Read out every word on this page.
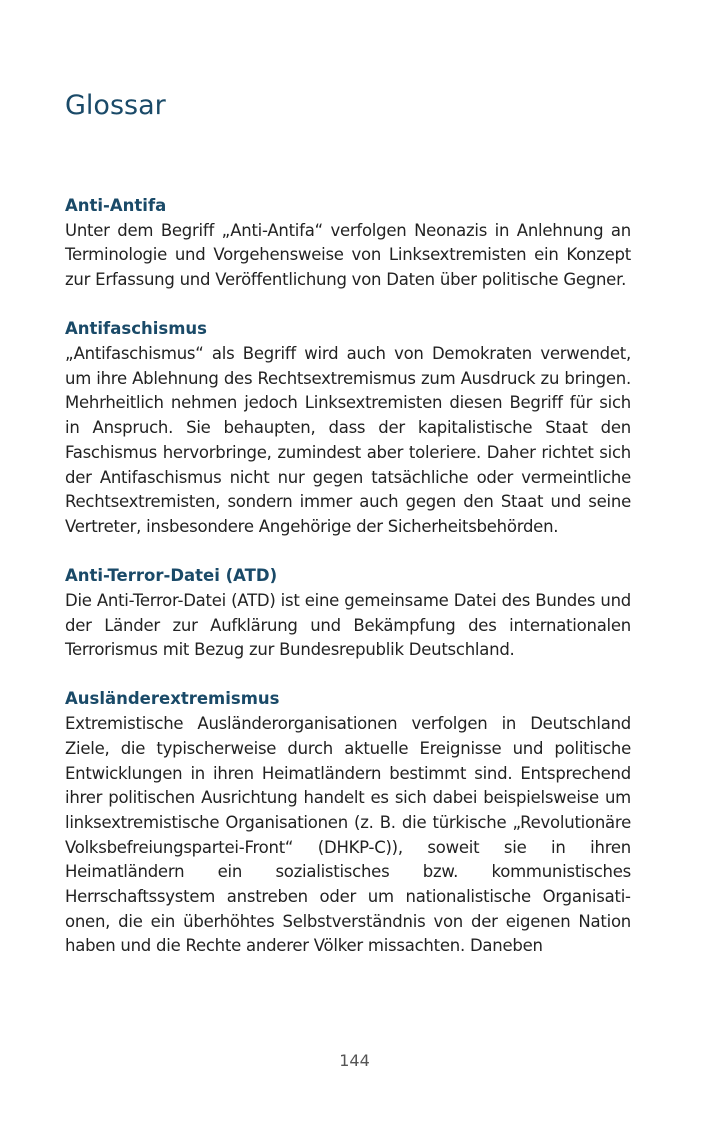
Glossar
Anti-Antifa

Unter dem Begriff „Anti-Antifa“ verfolgen Neonazis in Anlehnung an Terminologie und Vorgehensweise von Linksextremisten ein Konzept zur Erfassung und Veröffentlichung von Daten über politische Gegner.

Antifaschismus

„Antifaschismus“ als Begriff wird auch von Demokraten verwendet, um ihre Ablehnung des Rechtsextremismus zum Ausdruck zu bringen. Mehrheitlich nehmen jedoch Linksextremisten diesen Begriff für sich in Anspruch. Sie behaupten, dass der kapitalistische Staat den Faschismus hervorbringe, zumindest aber toleriere. Daher richtet sich der Antifaschismus nicht nur gegen tatsächliche oder vermeintliche Rechtsextremisten, sondern immer auch gegen den Staat und seine Vertreter, insbesondere Angehörige der Sicherheitsbehörden.

Anti-Terror-Datei (ATD)

Die Anti-Terror-Datei (ATD) ist eine gemeinsame Datei des Bundes und der Länder zur Aufklärung und Bekämpfung des internationalen Terrorismus mit Bezug zur Bundesrepublik Deutschland.

Ausländerextremismus

Extremistische Ausländerorganisationen verfolgen in Deutschland Ziele, die typischerweise durch aktuelle Ereignisse und politische Entwicklungen in ihren Heimatländern bestimmt sind. Entsprechend ihrer politischen Ausrichtung handelt es sich dabei beispielsweise um linksextremistische Organisationen (z. B. die türkische „Revolutionäre Volksbefreiungspartei-Front“ (DHKP-C)), soweit sie in ihren Heimatländern ein sozialistisches bzw. kommunistisches Herrschaftssystem anstreben oder um nationalistische Organisationen, die ein überhöhtes Selbstverständnis von der eigenen Nation haben und die Rechte anderer Völker missachten. Daneben

144
